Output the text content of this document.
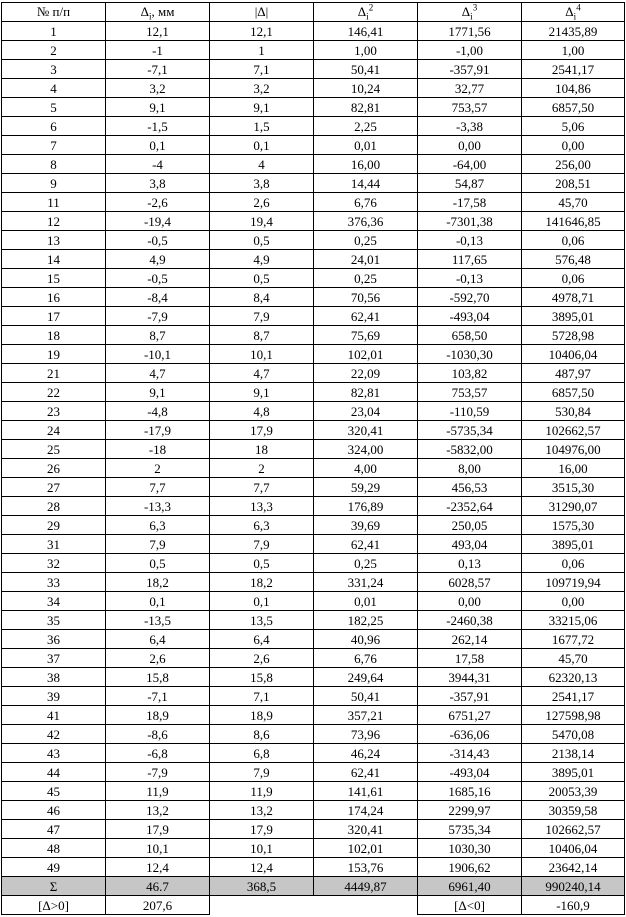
№ п/п	$\Delta_i$, мм	|Δ|	$\Delta_i^2$	$\Delta_i^3$	$\Delta_i^4$
1	12,1	12,1	146,41	1771,56	21435,89
2	-1	1	1,00	-1,00	1,00
3	-7,1	7,1	50,41	-357,91	2541,17
4	3,2	3,2	10,24	32,77	104,86
5	9,1	9,1	82,81	753,57	6857,50
6	-1,5	1,5	2,25	-3,38	5,06
7	0,1	0,1	0,01	0,00	0,00
8	-4	4	16,00	-64,00	256,00
9	3,8	3,8	14,44	54,87	208,51
11	-2,6	2,6	6,76	-17,58	45,70
12	-19,4	19,4	376,36	-7301,38	141646,85
13	-0,5	0,5	0,25	-0,13	0,06
14	4,9	4,9	24,01	117,65	576,48
15	-0,5	0,5	0,25	-0,13	0,06
16	-8,4	8,4	70,56	-592,70	4978,71
17	-7,9	7,9	62,41	-493,04	3895,01
18	8,7	8,7	75,69	658,50	5728,98
19	-10,1	10,1	102,01	-1030,30	10406,04
21	4,7	4,7	22,09	103,82	487,97
22	9,1	9,1	82,81	753,57	6857,50
23	-4,8	4,8	23,04	-110,59	530,84
24	-17,9	17,9	320,41	-5735,34	102662,57
25	-18	18	324,00	-5832,00	104976,00
26	2	2	4,00	8,00	16,00
27	7,7	7,7	59,29	456,53	3515,30
28	-13,3	13,3	176,89	-2352,64	31290,07
29	6,3	6,3	39,69	250,05	1575,30
31	7,9	7,9	62,41	493,04	3895,01
32	0,5	0,5	0,25	0,13	0,06
33	18,2	18,2	331,24	6028,57	109719,94
34	0,1	0,1	0,01	0,00	0,00
35	-13,5	13,5	182,25	-2460,38	33215,06
36	6,4	6,4	40,96	262,14	1677,72
37	2,6	2,6	6,76	17,58	45,70
38	15,8	15,8	249,64	3944,31	62320,13
39	-7,1	7,1	50,41	-357,91	2541,17
41	18,9	18,9	357,21	6751,27	127598,98
42	-8,6	8,6	73,96	-636,06	5470,08
43	-6,8	6,8	46,24	-314,43	2138,14
44	-7,9	7,9	62,41	-493,04	3895,01
45	11,9	11,9	141,61	1685,16	20053,39
46	13,2	13,2	174,24	2299,97	30359,58
47	17,9	17,9	320,41	5735,34	102662,57
48	10,1	10,1	102,01	1030,30	10406,04
49	12,4	12,4	153,76	1906,62	23642,14
Σ	46.7	368,5	4449,87	6961,40	990240,14
[Δ>0]	207,6			[Δ<0]	-160,9
